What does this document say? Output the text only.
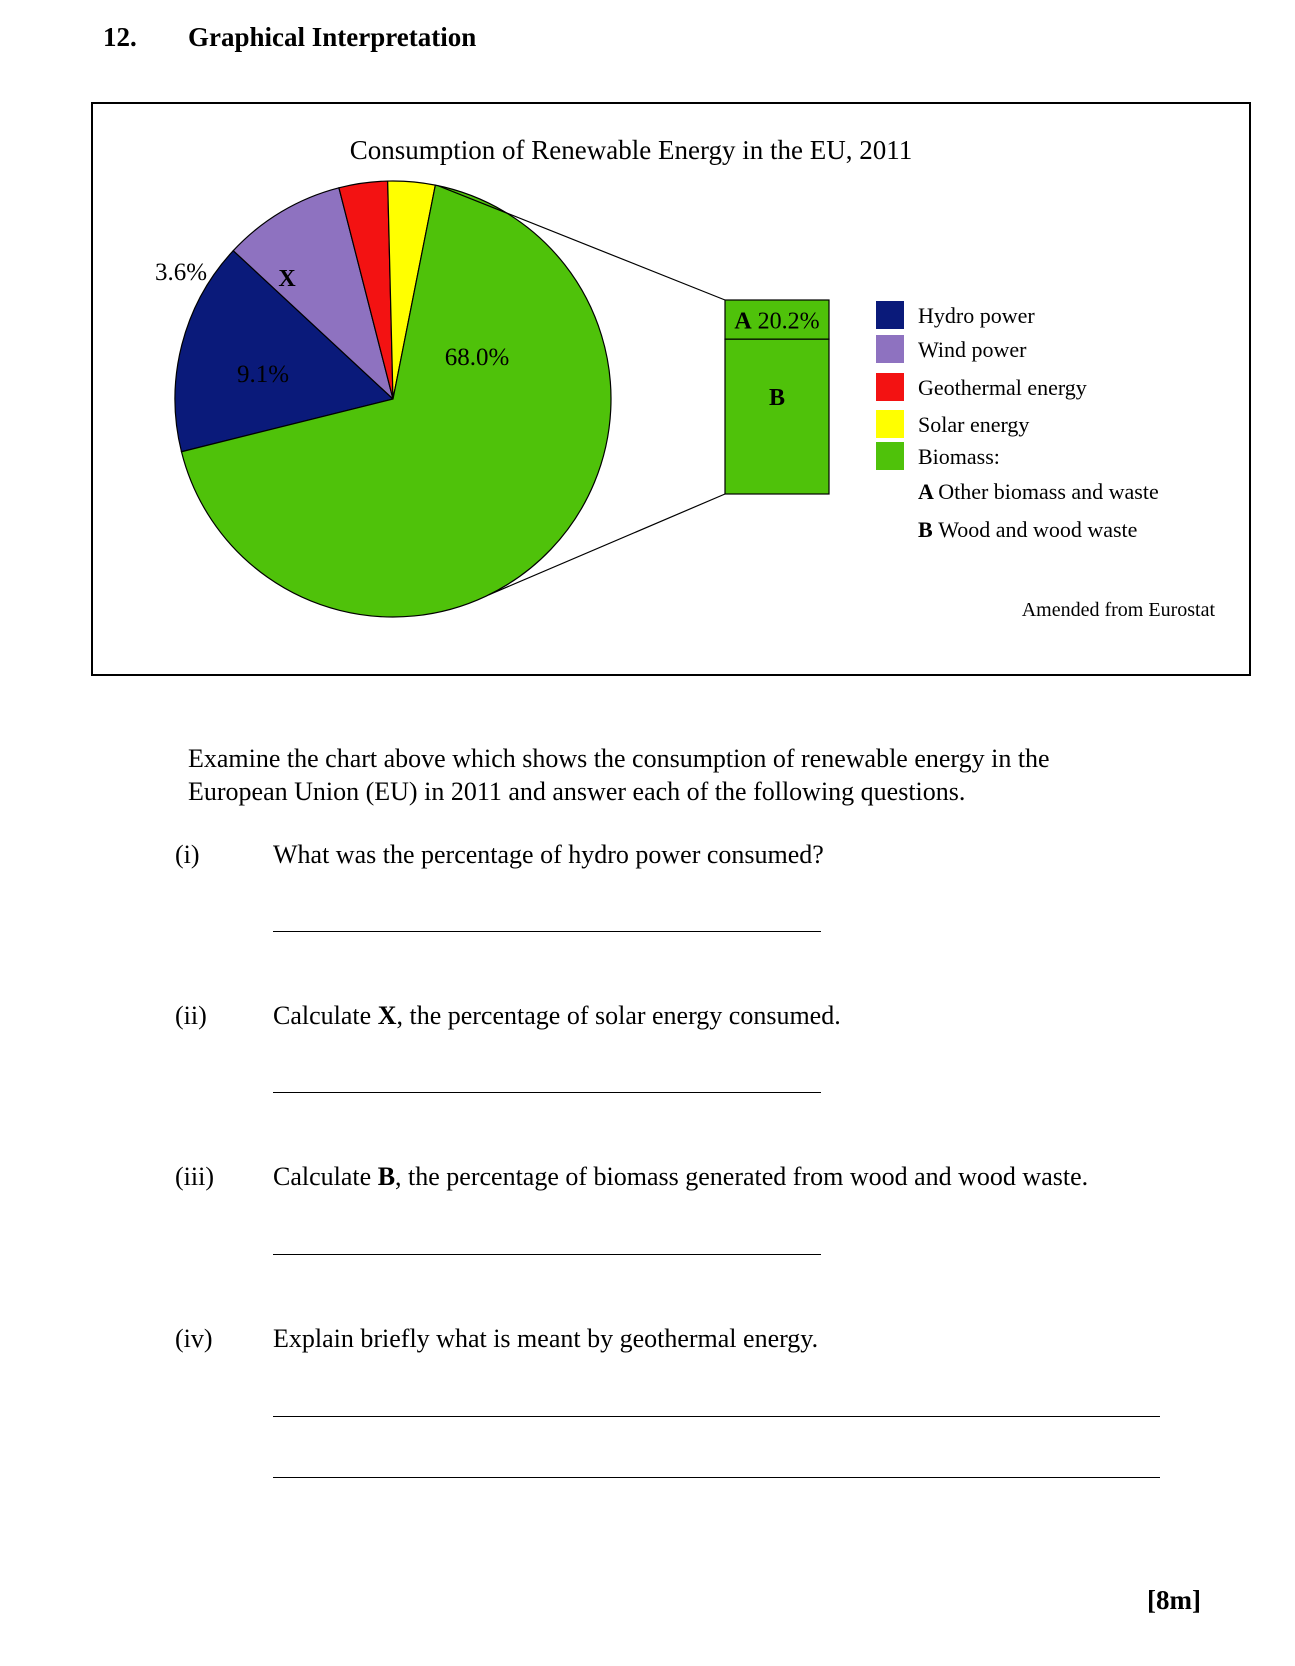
12. Graphical Interpretation
Consumption of Renewable Energy in the EU, 2011
9.1%
3.6%	X
68.0%
A 20.2%
B
Hydro power
Wind power
Geothermal energy
Solar energy
Biomass:
A Other biomass and waste
B Wood and wood waste
Amended from Eurostat
Examine the chart above which shows the consumption of renewable energy in the
European Union (EU) in 2011 and answer each of the following questions.
(i)	What was the percentage of hydro power consumed?
(ii)	Calculate X, the percentage of solar energy consumed.
(iii) Calculate B, the percentage of biomass generated from wood and wood waste.
(iv) Explain briefly what is meant by geothermal energy.
[8m]
